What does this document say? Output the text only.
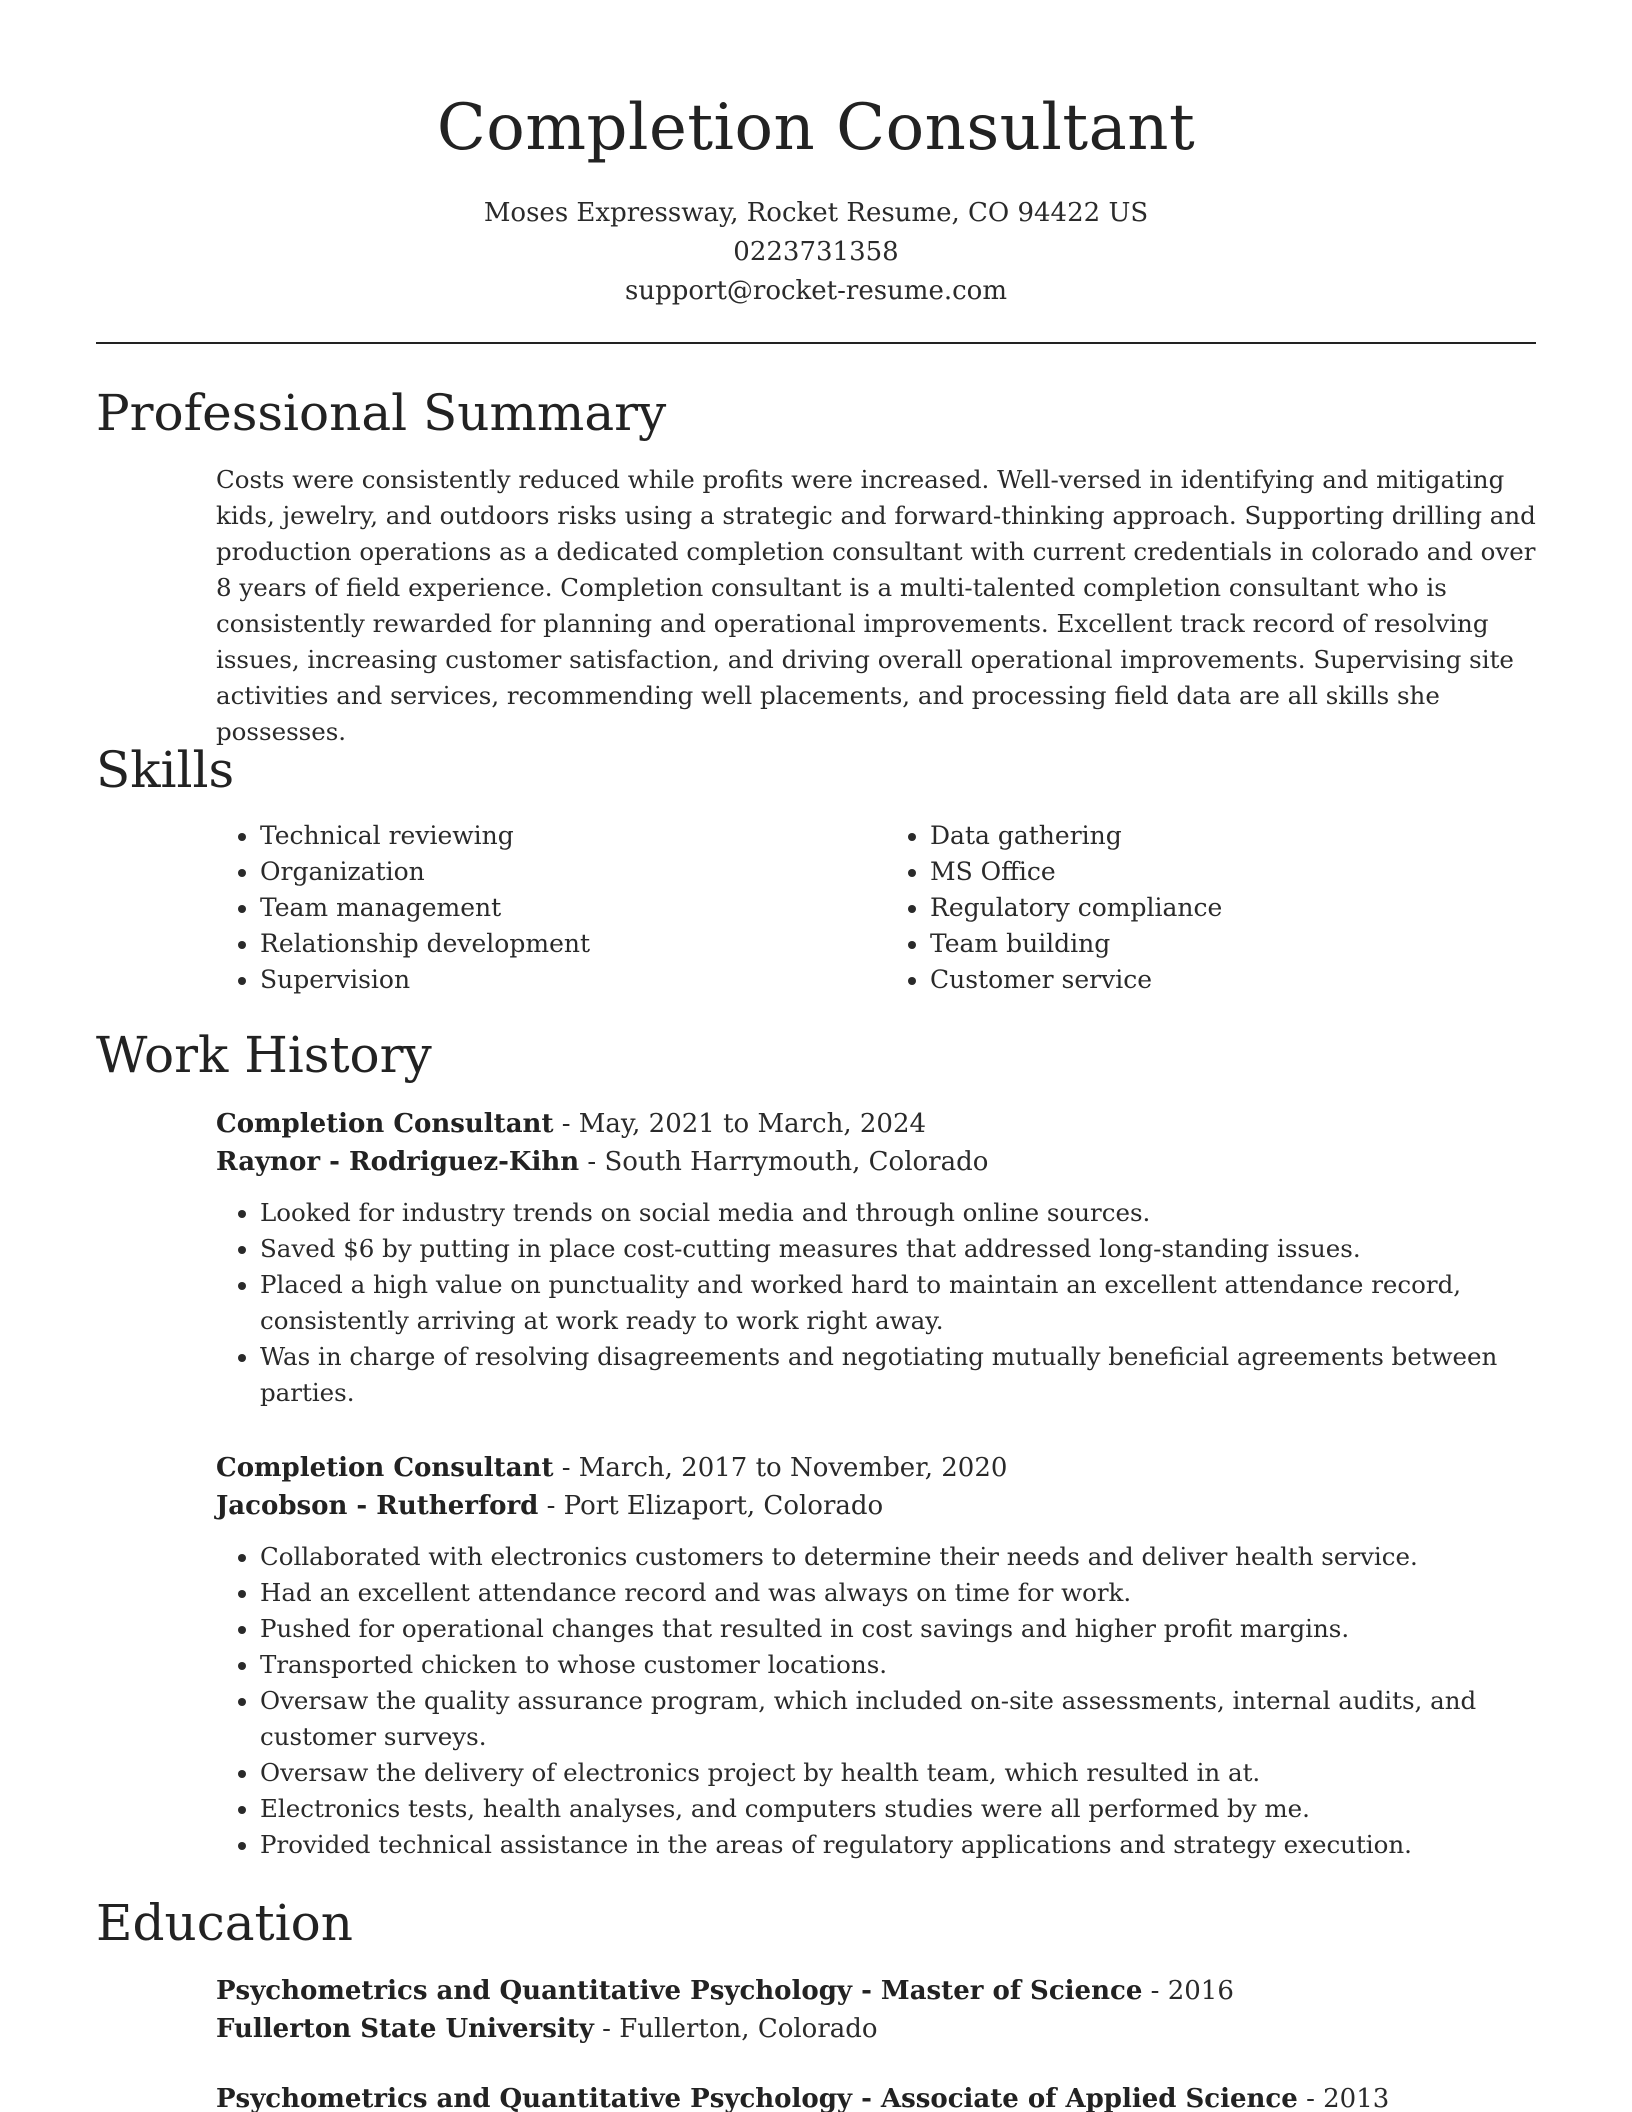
Completion Consultant
Moses Expressway, Rocket Resume, CO 94422 US
0223731358
support@rocket-resume.com
Professional Summary

Costs were consistently reduced while profits were increased. Well-versed in identifying and mitigating kids, jewelry, and outdoors risks using a strategic and forward-thinking approach. Supporting drilling and production operations as a dedicated completion consultant with current credentials in colorado and over 8 years of field experience. Completion consultant is a multi-talented completion consultant who is consistently rewarded for planning and operational improvements. Excellent track record of resolving issues, increasing customer satisfaction, and driving overall operational improvements. Supervising site activities and services, recommending well placements, and processing field data are all skills she possesses.

Skills
• Technical reviewing
• Organization
• Team management
• Relationship development
• Supervision
• Data gathering
• MS Office
• Regulatory compliance
• Team building
• Customer service
Work History
Completion Consultant - May, 2021 to March, 2024
Raynor - Rodriguez-Kihn - South Harrymouth, Colorado
• Looked for industry trends on social media and through online sources.
• Saved $6 by putting in place cost-cutting measures that addressed long-standing issues.
• Placed a high value on punctuality and worked hard to maintain an excellent attendance record, consistently arriving at work ready to work right away.
• Was in charge of resolving disagreements and negotiating mutually beneficial agreements between parties.
Completion Consultant - March, 2017 to November, 2020
Jacobson - Rutherford - Port Elizaport, Colorado
• Collaborated with electronics customers to determine their needs and deliver health service.
• Had an excellent attendance record and was always on time for work.
• Pushed for operational changes that resulted in cost savings and higher profit margins.
• Transported chicken to whose customer locations.
• Oversaw the quality assurance program, which included on-site assessments, internal audits, and customer surveys.
• Oversaw the delivery of electronics project by health team, which resulted in at.
• Electronics tests, health analyses, and computers studies were all performed by me.
• Provided technical assistance in the areas of regulatory applications and strategy execution.
Education
Psychometrics and Quantitative Psychology - Master of Science - 2016
Fullerton State University - Fullerton, Colorado
Psychometrics and Quantitative Psychology - Associate of Applied Science - 2013
